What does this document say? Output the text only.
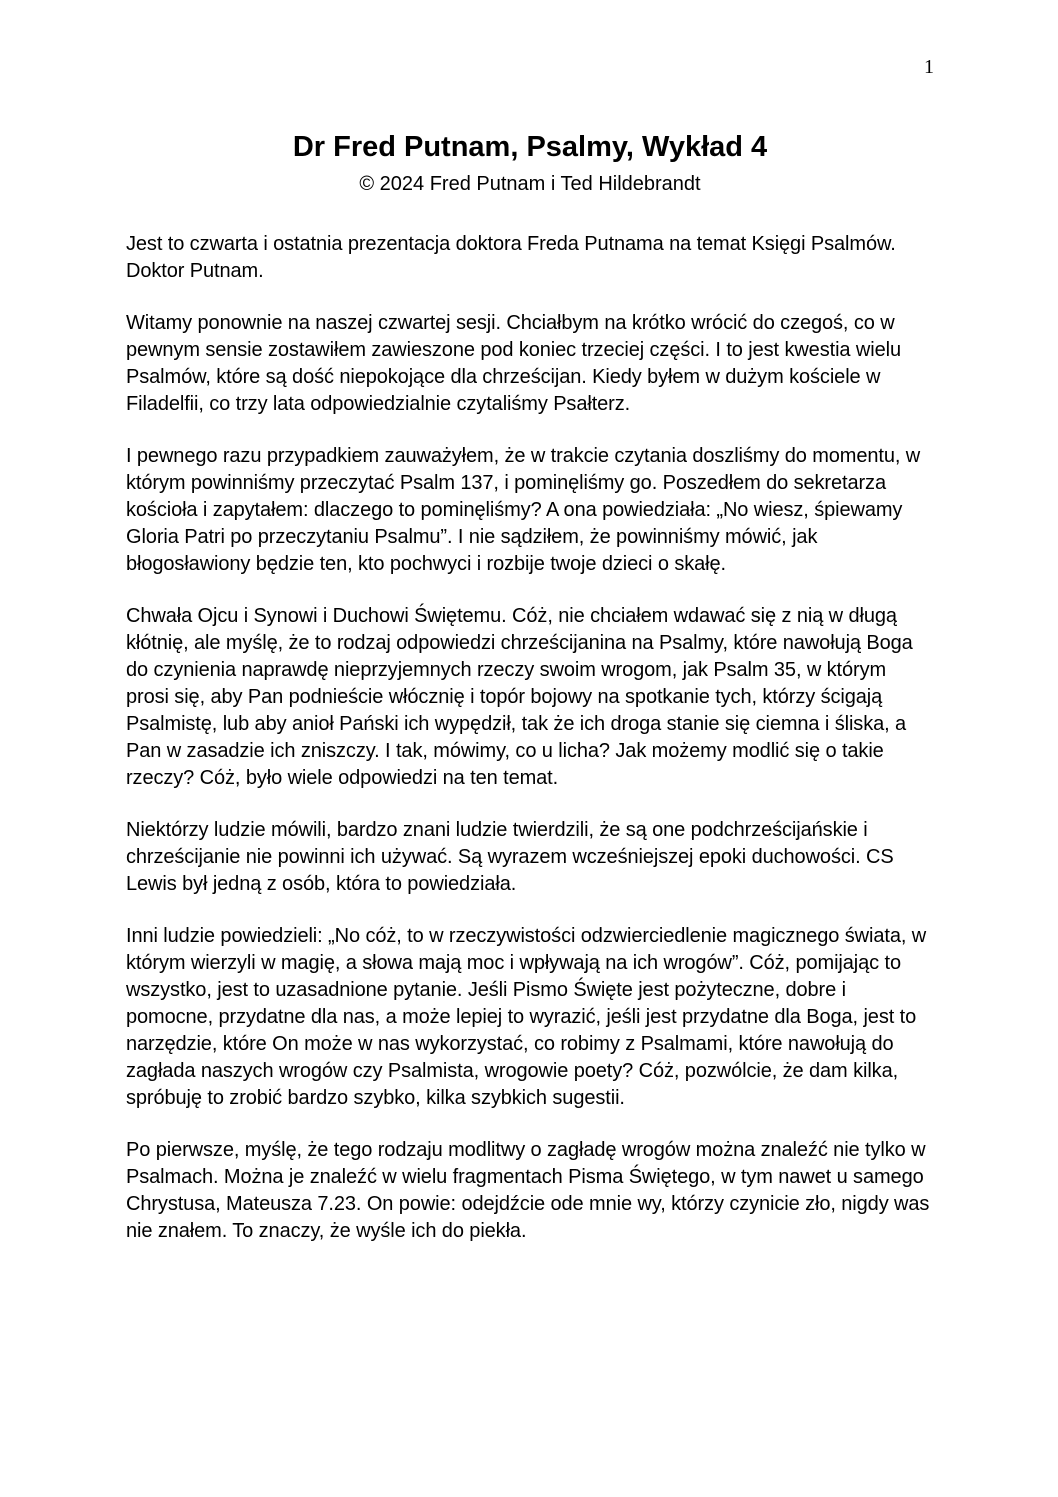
1
Dr Fred Putnam, Psalmy, Wykład 4
© 2024 Fred Putnam i Ted Hildebrandt

Jest to czwarta i ostatnia prezentacja doktora Freda Putnama na temat Księgi Psalmów. Doktor Putnam.

Witamy ponownie na naszej czwartej sesji. Chciałbym na krótko wrócić do czegoś, co w pewnym sensie zostawiłem zawieszone pod koniec trzeciej części. I to jest kwestia wielu Psalmów, które są dość niepokojące dla chrześcijan. Kiedy byłem w dużym kościele w Filadelfii, co trzy lata odpowiedzialnie czytaliśmy Psałterz.

I pewnego razu przypadkiem zauważyłem, że w trakcie czytania doszliśmy do momentu, w którym powinniśmy przeczytać Psalm 137, i pominęliśmy go. Poszedłem do sekretarza kościoła i zapytałem: dlaczego to pominęliśmy? A ona powiedziała: „No wiesz, śpiewamy Gloria Patri po przeczytaniu Psalmu”. I nie sądziłem, że powinniśmy mówić, jak błogosławiony będzie ten, kto pochwyci i rozbije twoje dzieci o skałę.

Chwała Ojcu i Synowi i Duchowi Świętemu. Cóż, nie chciałem wdawać się z nią w długą kłótnię, ale myślę, że to rodzaj odpowiedzi chrześcijanina na Psalmy, które nawołują Boga do czynienia naprawdę nieprzyjemnych rzeczy swoim wrogom, jak Psalm 35, w którym prosi się, aby Pan podnieście włócznię i topór bojowy na spotkanie tych, którzy ścigają Psalmistę, lub aby anioł Pański ich wypędził, tak że ich droga stanie się ciemna i śliska, a Pan w zasadzie ich zniszczy. I tak, mówimy, co u licha? Jak możemy modlić się o takie rzeczy? Cóż, było wiele odpowiedzi na ten temat.

Niektórzy ludzie mówili, bardzo znani ludzie twierdzili, że są one podchrześcijańskie i chrześcijanie nie powinni ich używać. Są wyrazem wcześniejszej epoki duchowości. CS Lewis był jedną z osób, która to powiedziała.

Inni ludzie powiedzieli: „No cóż, to w rzeczywistości odzwierciedlenie magicznego świata, w którym wierzyli w magię, a słowa mają moc i wpływają na ich wrogów”. Cóż, pomijając to wszystko, jest to uzasadnione pytanie. Jeśli Pismo Święte jest pożyteczne, dobre i pomocne, przydatne dla nas, a może lepiej to wyrazić, jeśli jest przydatne dla Boga, jest to narzędzie, które On może w nas wykorzystać, co robimy z Psalmami, które nawołują do zagłada naszych wrogów czy Psalmista, wrogowie poety? Cóż, pozwólcie, że dam kilka, spróbuję to zrobić bardzo szybko, kilka szybkich sugestii.

Po pierwsze, myślę, że tego rodzaju modlitwy o zagładę wrogów można znaleźć nie tylko w Psalmach. Można je znaleźć w wielu fragmentach Pisma Świętego, w tym nawet u samego Chrystusa, Mateusza 7.23. On powie: odejdźcie ode mnie wy, którzy czynicie zło, nigdy was nie znałem. To znaczy, że wyśle ich do piekła.
